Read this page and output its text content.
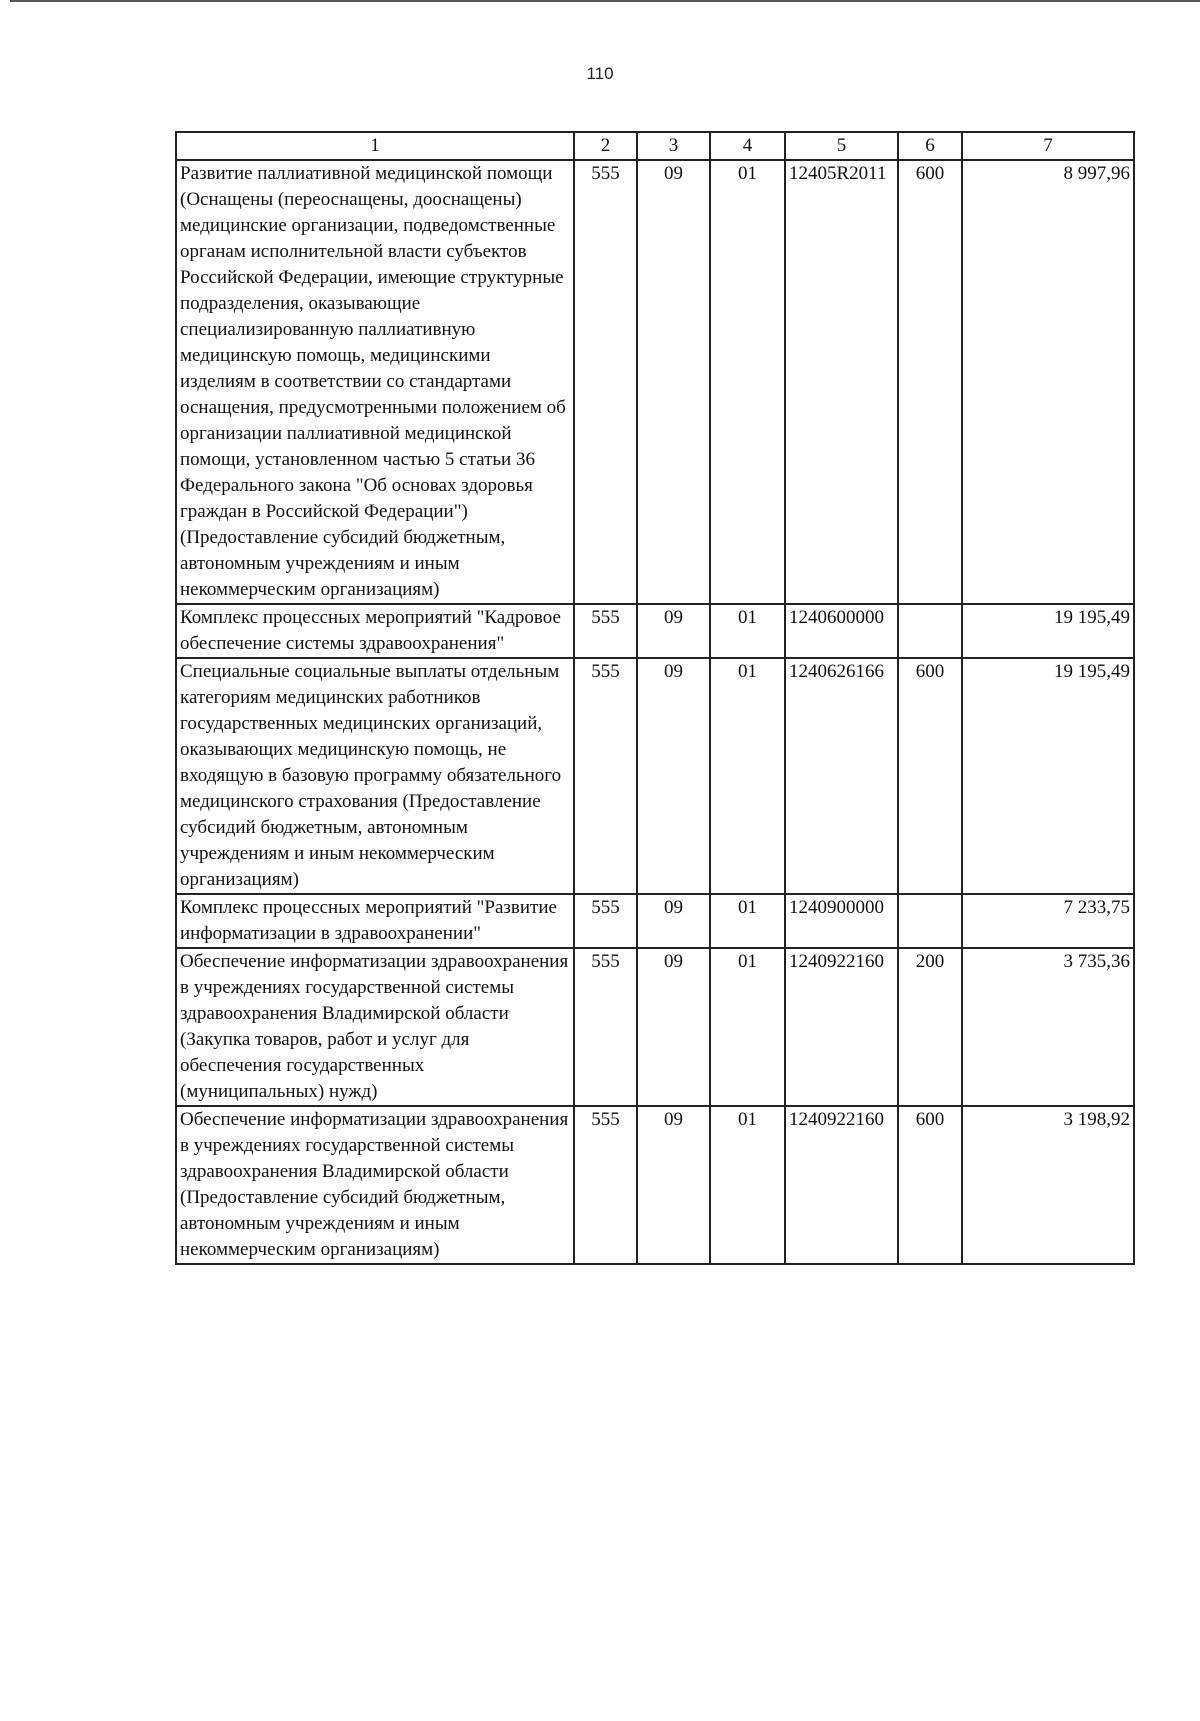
110
1	2	3	4	5	6	7
Развитие паллиативной медицинской помощи (Оснащены (переоснащены, дооснащены) медицинские организации, подведомственные органам исполнительной власти субъектов Российской Федерации, имеющие структурные подразделения, оказывающие специализированную паллиативную медицинскую помощь, медицинскими изделиям в соответствии со стандартами оснащения, предусмотренными положением об организации паллиативной медицинской помощи, установленном частью 5 статьи 36 Федерального закона "Об основах здоровья граждан в Российской Федерации") (Предоставление субсидий бюджетным, автономным учреждениям и иным некоммерческим организациям)	555	09	01	12405R2011	600	8 997,96
Комплекс процессных мероприятий "Кадровое обеспечение системы здравоохранения"	555	09	01	1240600000		19 195,49
Специальные социальные выплаты отдельным категориям медицинских работников государственных медицинских организаций, оказывающих медицинскую помощь, не входящую в базовую программу обязательного медицинского страхования (Предоставление субсидий бюджетным, автономным учреждениям и иным некоммерческим организациям)	555	09	01	1240626166	600	19 195,49
Комплекс процессных мероприятий "Развитие информатизации в здравоохранении"	555	09	01	1240900000		7 233,75
Обеспечение информатизации здравоохранения в учреждениях государственной системы здравоохранения Владимирской области (Закупка товаров, работ и услуг для обеспечения государственных (муниципальных) нужд)	555	09	01	1240922160	200	3 735,36
Обеспечение информатизации здравоохранения в учреждениях государственной системы здравоохранения Владимирской области (Предоставление субсидий бюджетным, автономным учреждениям и иным некоммерческим организациям)	555	09	01	1240922160	600	3 198,92
